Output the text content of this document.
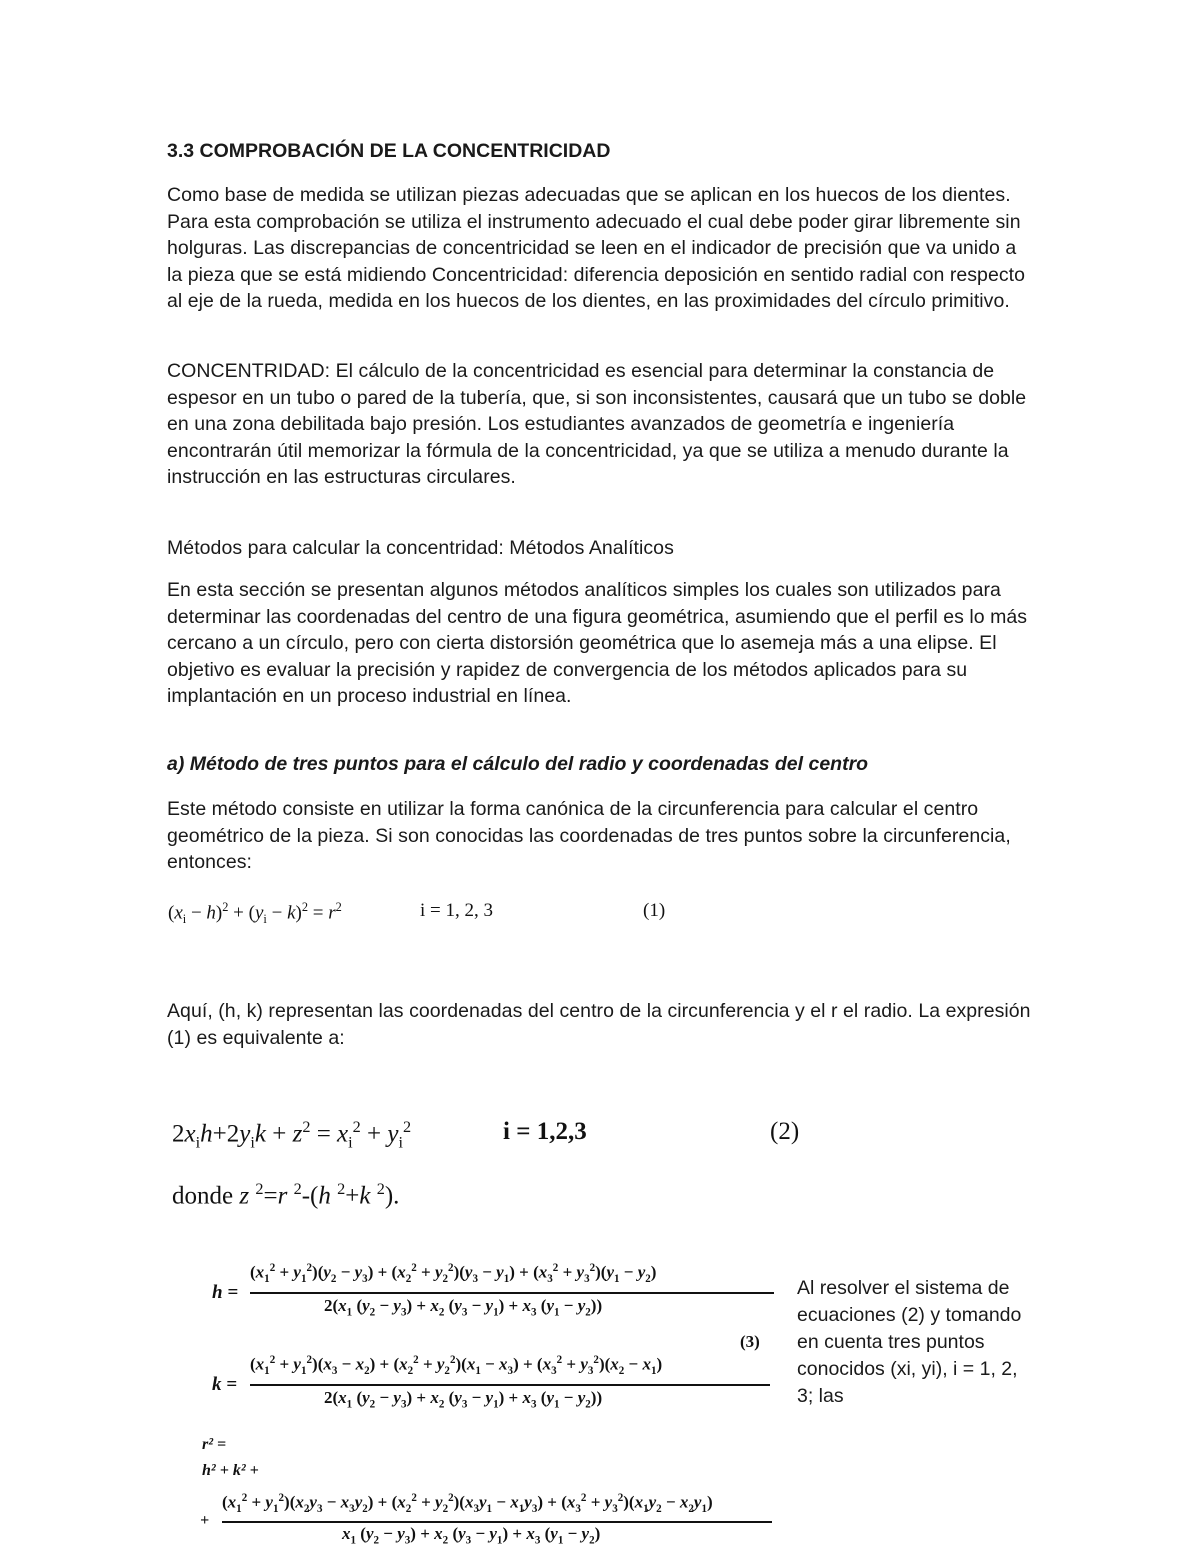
3.3 COMPROBACIÓN DE LA CONCENTRICIDAD

Como base de medida se utilizan piezas adecuadas que se aplican en los huecos de los dientes. Para esta comprobación se utiliza el instrumento adecuado el cual debe poder girar libremente sin holguras. Las discrepancias de concentricidad se leen en el indicador de precisión que va unido a la pieza que se está midiendo Concentricidad: diferencia deposición en sentido radial con respecto al eje de la rueda, medida en los huecos de los dientes, en las proximidades del círculo primitivo.

CONCENTRIDAD: El cálculo de la concentricidad es esencial para determinar la constancia de espesor en un tubo o pared de la tubería, que, si son inconsistentes, causará que un tubo se doble en una zona debilitada bajo presión. Los estudiantes avanzados de geometría e ingeniería encontrarán útil memorizar la fórmula de la concentricidad, ya que se utiliza a menudo durante la instrucción en las estructuras circulares.

Métodos para calcular la concentridad: Métodos Analíticos

En esta sección se presentan algunos métodos analíticos simples los cuales son utilizados para determinar las coordenadas del centro de una figura geométrica, asumiendo que el perfil es lo más cercano a un círculo, pero con cierta distorsión geométrica que lo asemeja más a una elipse. El objetivo es evaluar la precisión y rapidez de convergencia de los métodos aplicados para su implantación en un proceso industrial en línea.

a) Método de tres puntos para el cálculo del radio y coordenadas del centro

Este método consiste en utilizar la forma canónica de la circunferencia para calcular el centro geométrico de la pieza. Si son conocidas las coordenadas de tres puntos sobre la circunferencia, entonces:

$(x_i - h)^2 + (y_i - k)^2 = r^2$	i = 1, 2, 3	(1)

Aquí, (h, k) representan las coordenadas del centro de la circunferencia y el r el radio. La expresión (1) es equivalente a:

$2x_ih+2y_ik + z^2 = x_i^2 + y_i^2$	i = 1,2,3	(2)
donde z $^2$=r $^2$-(h $^2$+k $^2$).
h =
$(x_1^2 + y_1^2)(y_2 - y_3) + (x_2^2 + y_2^2)(y_3 - y_1) + (x_3^2 + y_3^2)(y_1 - y_2)$
$2(x_1$ $(y_2 - y_3) + x_2$ $(y_3 - y_1) + x_3$ $(y_1 - y_2)$)
(3)
k =
$(x_1^2 + y_1^2)(x_3 - x_2) + (x_2^2 + y_2^2)(x_1 - x_3) + (x_3^2 + y_3^2)(x_2 - x_1)$
$2(x_1$ $(y_2 - y_3) + x_2$ $(y_3 - y_1) + x_3$ $(y_1 - y_2)$)

Al resolver el sistema de ecuaciones (2) y tomando en cuenta tres puntos conocidos (xi, yi), i = 1, 2, 3; las

r² =
h² + k² +
+
$(x_1^2 + y_1^2)(x_2y_3 - x_3y_2) + (x_2^2 + y_2^2)(x_3y_1 - x_1y_3) + (x_3^2 + y_3^2)(x_1y_2 - x_2y_1)$
$x_1$ $(y_2 - y_3) + x_2$ $(y_3 - y_1) + x_3$ $(y_1 - y_2)$
